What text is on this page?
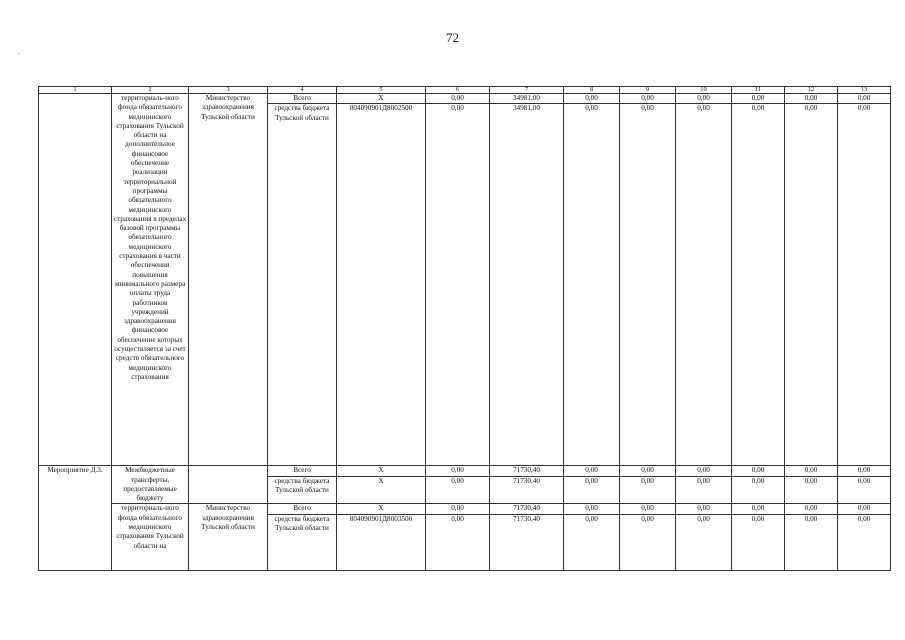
72
.
1	2	3	4	5	6	7	8	9	10	11	12	13
	территориаль-ного фонда обязательного медицинского страхования Тульской области на дополнительное финансовое обеспечение реализации территориальной программы обязательного медицинского страхования в пределах базовой программы обязательного медицинского страхования в части обеспечения повышения минимального размера оплаты труда работников учреждений здравоохранения финансовое обеспечение которых осуществляется за счет средств обязательного медицинского страхования	Министерство здравоохранения Тульской области	Всего	X	0,00	34981,00	0,00	0,00	0,00	0,00	0,00	0,00
			средства бюджета Тульской области	804090901Д8002500	0,00	34981,00	0,00	0,00	0,00	0,00	0,00	0,00
Мероприятие Д.3.	Межбюджетные трансферты, предоставляемые бюджету		Всего	X	0,00	71730,40	0,00	0,00	0,00	0,00	0,00	0,00
			средства бюджета Тульской области	X	0,00	71730,40	0,00	0,00	0,00	0,00	0,00	0,00
	территориаль-ного фонда обязательного медицинского страхования Тульской области на	Министерство здравоохранения Тульской области	Всего	X	0,00	71730,40	0,00	0,00	0,00	0,00	0,00	0,00
			средства бюджета Тульской области	804090901Д8003500	0,00	71730,40	0,00	0,00	0,00	0,00	0,00	0,00
